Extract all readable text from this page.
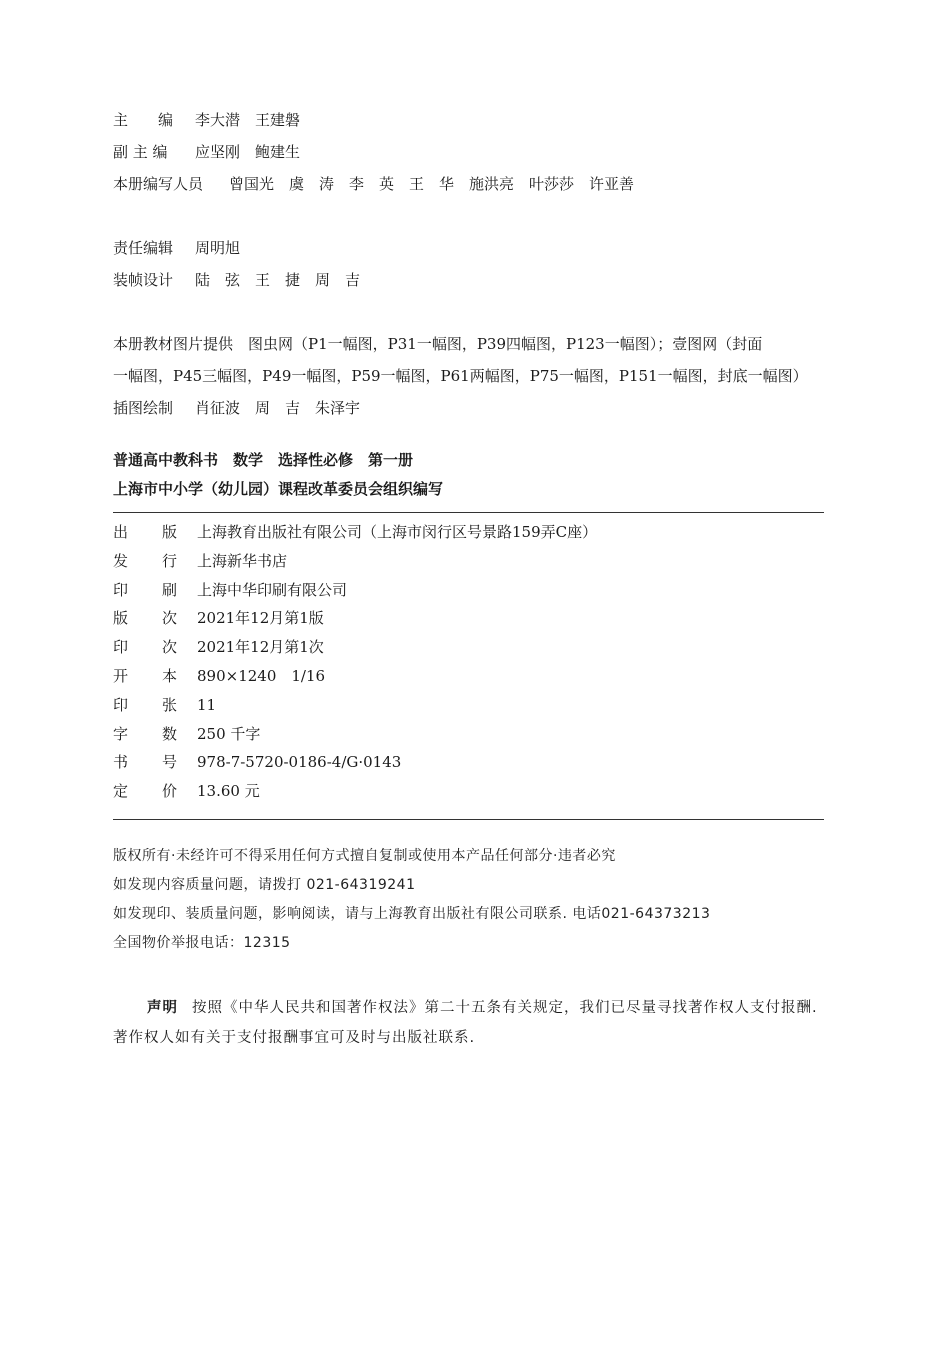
主　　编 李大潜　王建磐
副 主 编 应坚刚　鲍建生
本册编写人员 曾国光　虞　涛　李　英　王　华　施洪亮　叶莎莎　许亚善
责任编辑 周明旭
装帧设计 陆　弦　王　捷　周　吉
本册教材图片提供　图虫网（P1一幅图，P31一幅图，P39四幅图，P123一幅图）；壹图网（封面
一幅图，P45三幅图，P49一幅图，P59一幅图，P61两幅图，P75一幅图，P151一幅图，封底一幅图）
插图绘制 肖征波　周　吉　朱泽宇
普通高中教科书　数学　选择性必修　第一册
上海市中小学（幼儿园）课程改革委员会组织编写
出 版 上海教育出版社有限公司（上海市闵行区号景路159弄C座）
发 行 上海新华书店
印 刷 上海中华印刷有限公司
版 次 2021年12月第1版
印 次 2021年12月第1次
开 本 890×1240　1/16
印 张 11
字 数 250 千字
书 号 978-7-5720-0186-4/G·0143
定 价 13.60 元
版权所有·未经许可不得采用任何方式擅自复制或使用本产品任何部分·违者必究
如发现内容质量问题，请拨打 021-64319241
如发现印、装质量问题，影响阅读，请与上海教育出版社有限公司联系. 电话021-64373213
全国物价举报电话：12315
声明 按照《中华人民共和国著作权法》第二十五条有关规定，我们已尽量寻找著作权人支付报酬.著作权人如有关于支付报酬事宜可及时与出版社联系.
